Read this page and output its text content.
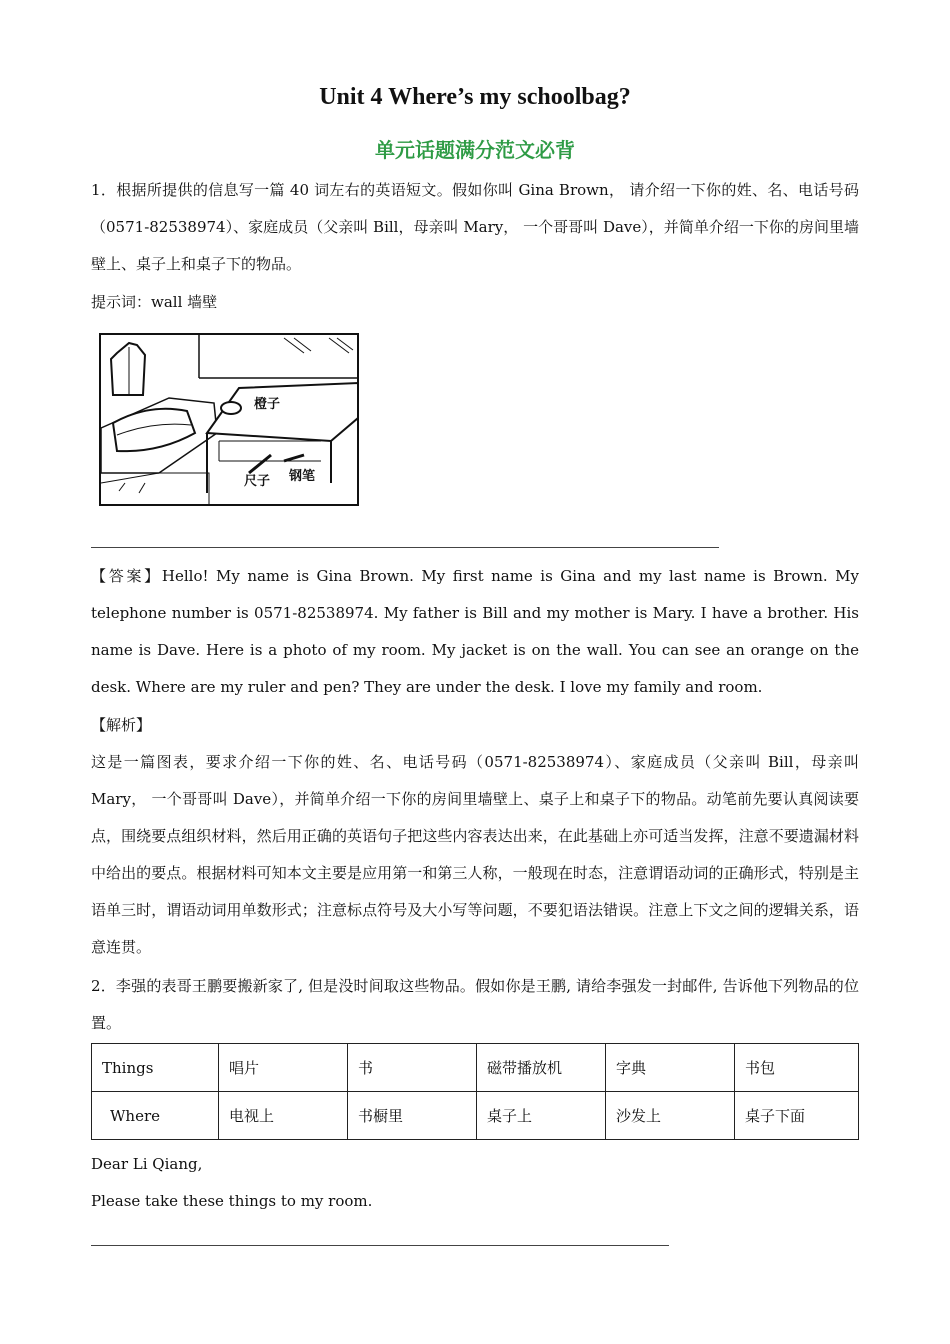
Unit 4 Where’s my schoolbag?
单元话题满分范文必背
1．根据所提供的信息写一篇 40 词左右的英语短文。假如你叫 Gina Brown， 请介绍一下你的姓、名、电话号码（0571-82538974）、家庭成员（父亲叫 Bill，母亲叫 Mary， 一个哥哥叫 Dave），并简单介绍一下你的房间里墙壁上、桌子上和桌子下的物品。
提示词：wall 墙壁
橙子
尺子 钢笔
【答案】Hello! My name is Gina Brown. My first name is Gina and my last name is Brown. My telephone number is 0571-82538974. My father is Bill and my mother is Mary. I have a brother. His name is Dave. Here is a photo of my room. My jacket is on the wall. You can see an orange on the desk. Where are my ruler and pen? They are under the desk. I love my family and room.
【解析】
这是一篇图表，要求介绍一下你的姓、名、电话号码（0571-82538974）、家庭成员（父亲叫 Bill，母亲叫 Mary， 一个哥哥叫 Dave），并简单介绍一下你的房间里墙壁上、桌子上和桌子下的物品。动笔前先要认真阅读要点，围绕要点组织材料，然后用正确的英语句子把这些内容表达出来，在此基础上亦可适当发挥，注意不要遗漏材料中给出的要点。根据材料可知本文主要是应用第一和第三人称，一般现在时态，注意谓语动词的正确形式，特别是主语单三时，谓语动词用单数形式；注意标点符号及大小写等问题，不要犯语法错误。注意上下文之间的逻辑关系，语意连贯。
2．李强的表哥王鹏要搬新家了, 但是没时间取这些物品。假如你是王鹏, 请给李强发一封邮件, 告诉他下列物品的位置。
Things	唱片	书	磁带播放机	字典	书包
Where	电视上	书橱里	桌子上	沙发上	桌子下面
Dear Li Qiang,
Please take these things to my room.
